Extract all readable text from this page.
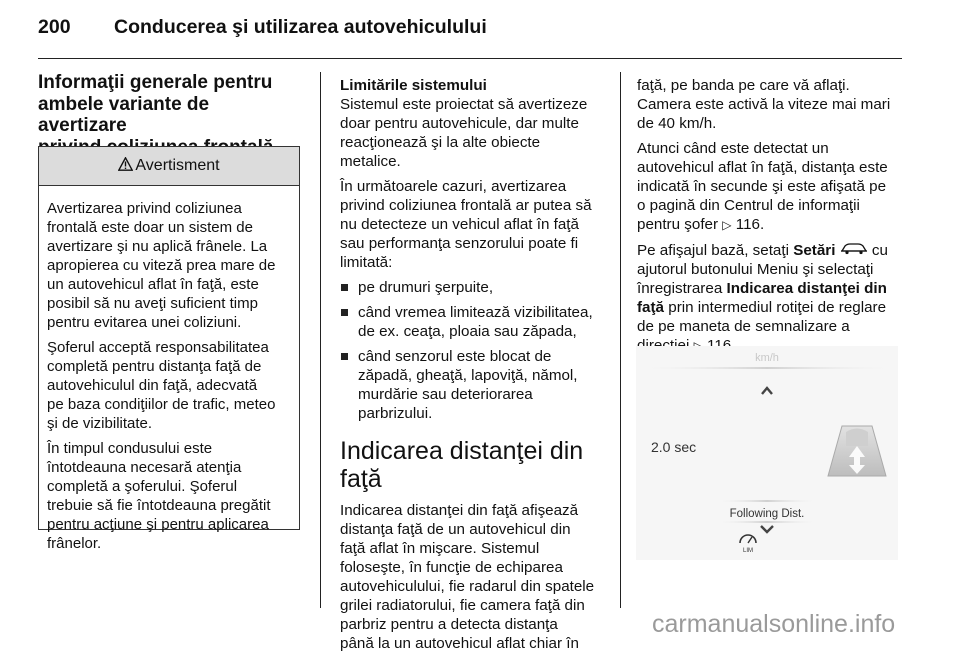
200 Conducerea şi utilizarea autovehiculului
Informaţii generale pentru
ambele variante de avertizare
Avertisment

Avertizarea privind coliziunea
frontală este doar un sistem de
avertizare şi nu aplică frânele. La
apropierea cu viteză prea mare de
un autovehicul aflat în faţă, este
posibil să nu aveţi suficient timp
pentru evitarea unei coliziuni.

Şoferul acceptă responsabilitatea
completă pentru distanţa faţă de
autovehiculul din faţă, adecvată
pe baza condiţiilor de trafic, meteo
şi de vizibilitate.

În timpul condusului este
întotdeauna necesară atenţia
completă a şoferului. Şoferul
trebuie să fie întotdeauna pregătit
pentru acţiune şi pentru aplicarea
frânelor.

Limitările sistemului

Sistemul este proiectat să avertizeze
doar pentru autovehicule, dar multe
reacţionează şi la alte obiecte
metalice.

În următoarele cazuri, avertizarea
privind coliziunea frontală ar putea să
nu detecteze un vehicul aflat în faţă
sau performanţa senzorului poate fi
limitată:

pe drumuri şerpuite,
când vremea limitează vizibilitatea,
de ex. ceaţa, ploaia sau zăpada,
când senzorul este blocat de
zăpadă, gheaţă, lapoviţă, nămol,
murdărie sau deteriorarea
parbrizului.
Indicarea distanţei din faţă

Indicarea distanţei din faţă afişează
distanţa faţă de un autovehicul din
faţă aflat în mişcare. Sistemul
foloseşte, în funcţie de echiparea
autovehiculului, fie radarul din spatele
grilei radiatorului, fie camera faţă din
parbriz pentru a detecta distanţa
până la un autovehicul aflat chiar în

faţă, pe banda pe care vă aflaţi.
Camera este activă la viteze mai mari
de 40 km/h.

Atunci când este detectat un
autovehicul aflat în faţă, distanţa este
indicată în secunde şi este afişată pe
o pagină din Centrul de informaţii
pentru şofer ▷ 116.

Pe afişajul bază, setaţi Setări cu
ajutorul butonului Meniu şi selectaţi
înregistrarea Indicarea distanţei din
faţă prin intermediul rotiţei de reglare
de pe maneta de semnalizare a

km/h
2.0 sec
Following Dist.
LIM
carmanualsonline.info
